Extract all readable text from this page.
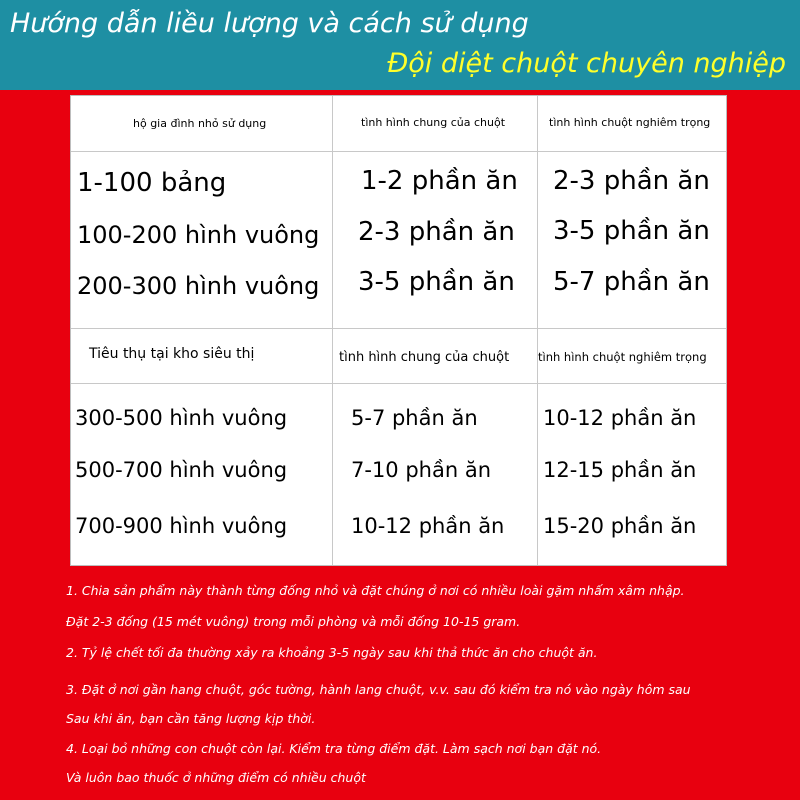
Hướng dẫn liều lượng và cách sử dụng
Đội diệt chuột chuyên nghiệp
hộ gia đình nhỏ sử dụng	tình hình chung của chuột	tình hình chuột nghiêm trọng
1-100 bảng	1-2 phần ăn 2-3 phần ăn
100-200 hình vuông 2-3 phần ăn 3-5 phần ăn
200-300 hình vuông 3-5 phần ăn 5-7 phần ăn
Tiêu thụ tại kho siêu thị	tình hình chung của chuột	tình hình chuột nghiêm trọng
300-500 hình vuông	5-7 phần ăn	10-12 phần ăn
500-700 hình vuông	7-10 phần ăn 12-15 phần ăn
700-900 hình vuông	10-12 phần ăn 15-20 phần ăn
1. Chia sản phẩm này thành từng đống nhỏ và đặt chúng ở nơi có nhiều loài gặm nhấm xâm nhập.
Đặt 2-3 đống (15 mét vuông) trong mỗi phòng và mỗi đống 10-15 gram.
2. Tỷ lệ chết tối đa thường xảy ra khoảng 3-5 ngày sau khi thả thức ăn cho chuột ăn.
3. Đặt ở nơi gần hang chuột, góc tường, hành lang chuột, v.v. sau đó kiểm tra nó vào ngày hôm sau
Sau khi ăn, bạn cần tăng lượng kịp thời.
4. Loại bỏ những con chuột còn lại. Kiểm tra từng điểm đặt. Làm sạch nơi bạn đặt nó.
Và luôn bao thuốc ở những điểm có nhiều chuột
